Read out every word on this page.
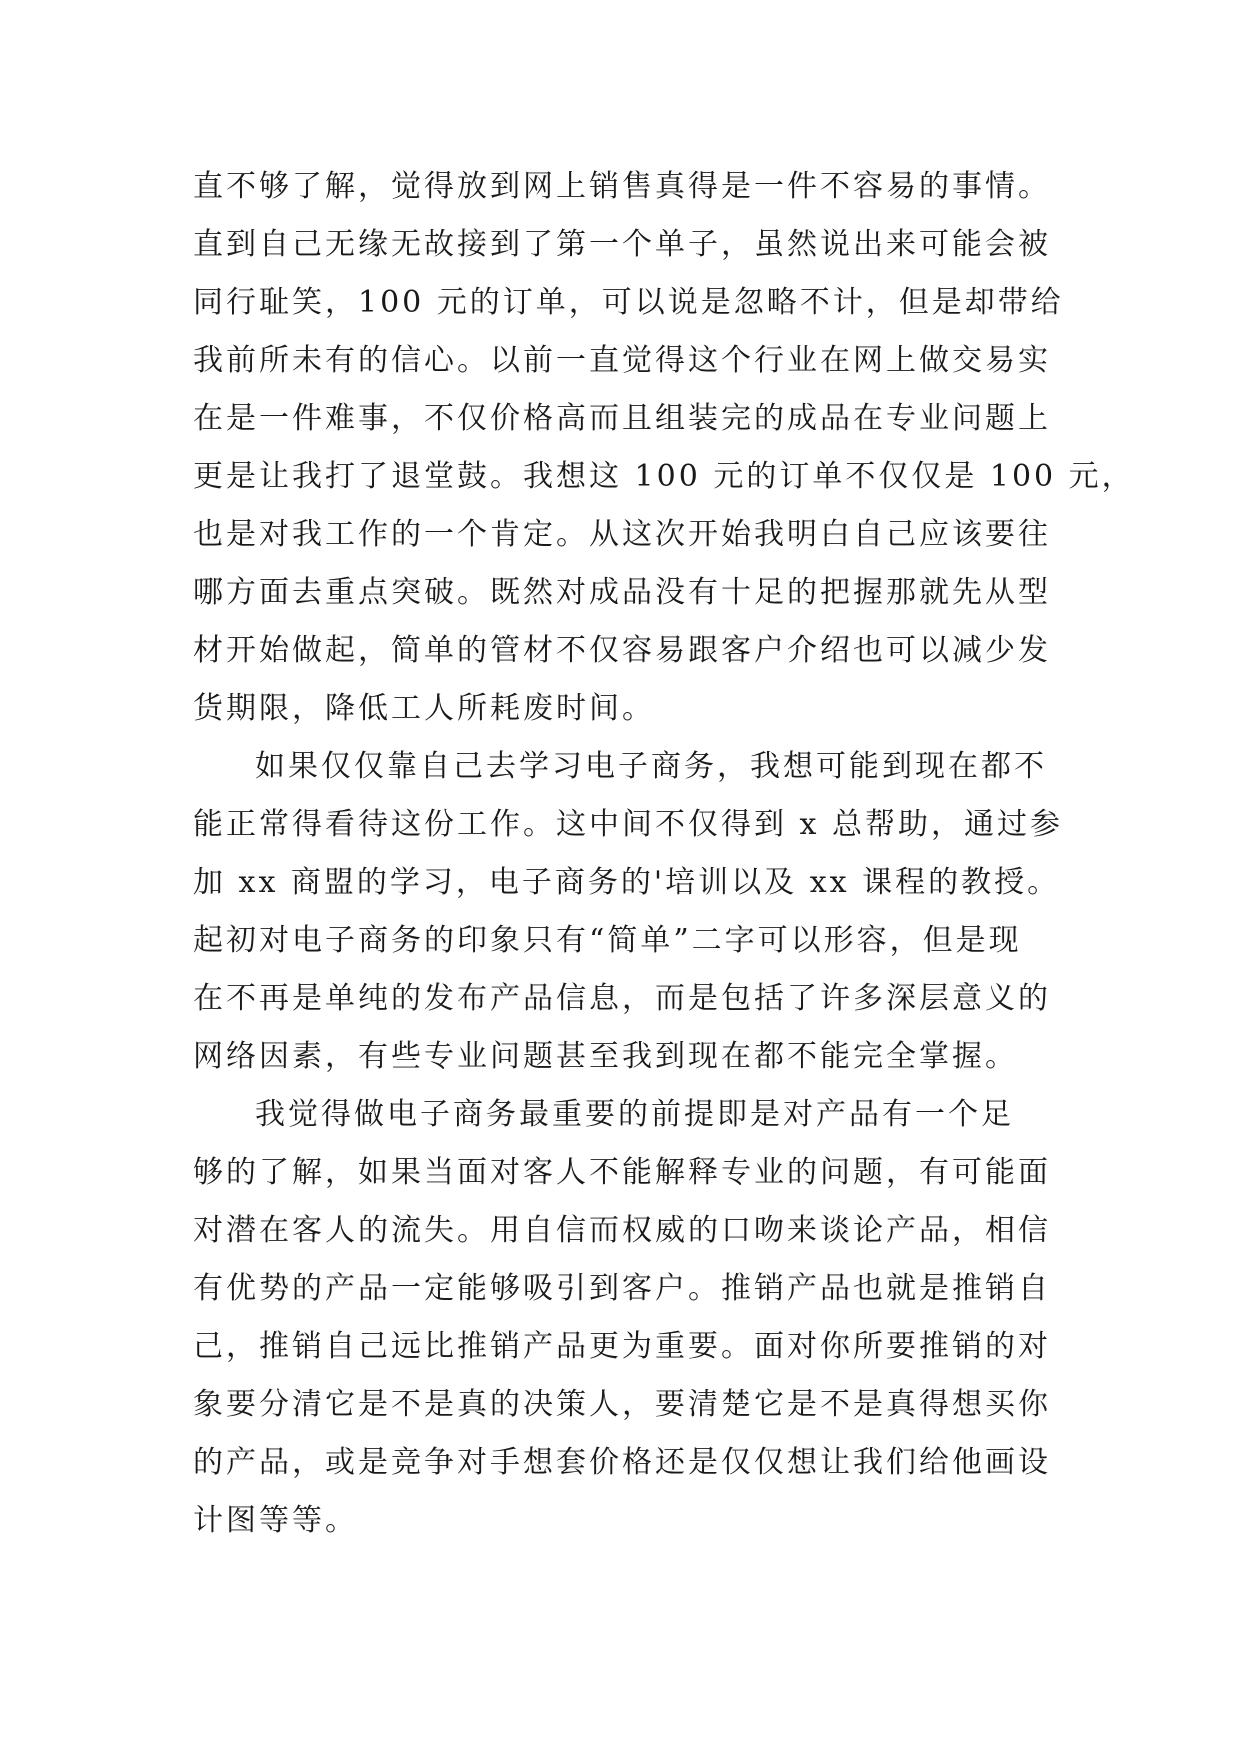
直不够了解，觉得放到网上销售真得是一件不容易的事情。
直到自己无缘无故接到了第一个单子，虽然说出来可能会被
同行耻笑，100 元的订单，可以说是忽略不计，但是却带给
我前所未有的信心。以前一直觉得这个行业在网上做交易实
在是一件难事，不仅价格高而且组装完的成品在专业问题上
更是让我打了退堂鼓。我想这 100 元的订单不仅仅是 100 元，
也是对我工作的一个肯定。从这次开始我明白自己应该要往
哪方面去重点突破。既然对成品没有十足的把握那就先从型
材开始做起，简单的管材不仅容易跟客户介绍也可以减少发
货期限，降低工人所耗废时间。
如果仅仅靠自己去学习电子商务，我想可能到现在都不
能正常得看待这份工作。这中间不仅得到 x 总帮助，通过参
加 xx 商盟的学习，电子商务的'培训以及 xx 课程的教授。
起初对电子商务的印象只有“简单”二字可以形容，但是现
在不再是单纯的发布产品信息，而是包括了许多深层意义的
网络因素，有些专业问题甚至我到现在都不能完全掌握。
我觉得做电子商务最重要的前提即是对产品有一个足
够的了解，如果当面对客人不能解释专业的问题，有可能面
对潜在客人的流失。用自信而权威的口吻来谈论产品，相信
有优势的产品一定能够吸引到客户。推销产品也就是推销自
己，推销自己远比推销产品更为重要。面对你所要推销的对
象要分清它是不是真的决策人，要清楚它是不是真得想买你
的产品，或是竞争对手想套价格还是仅仅想让我们给他画设
计图等等。
